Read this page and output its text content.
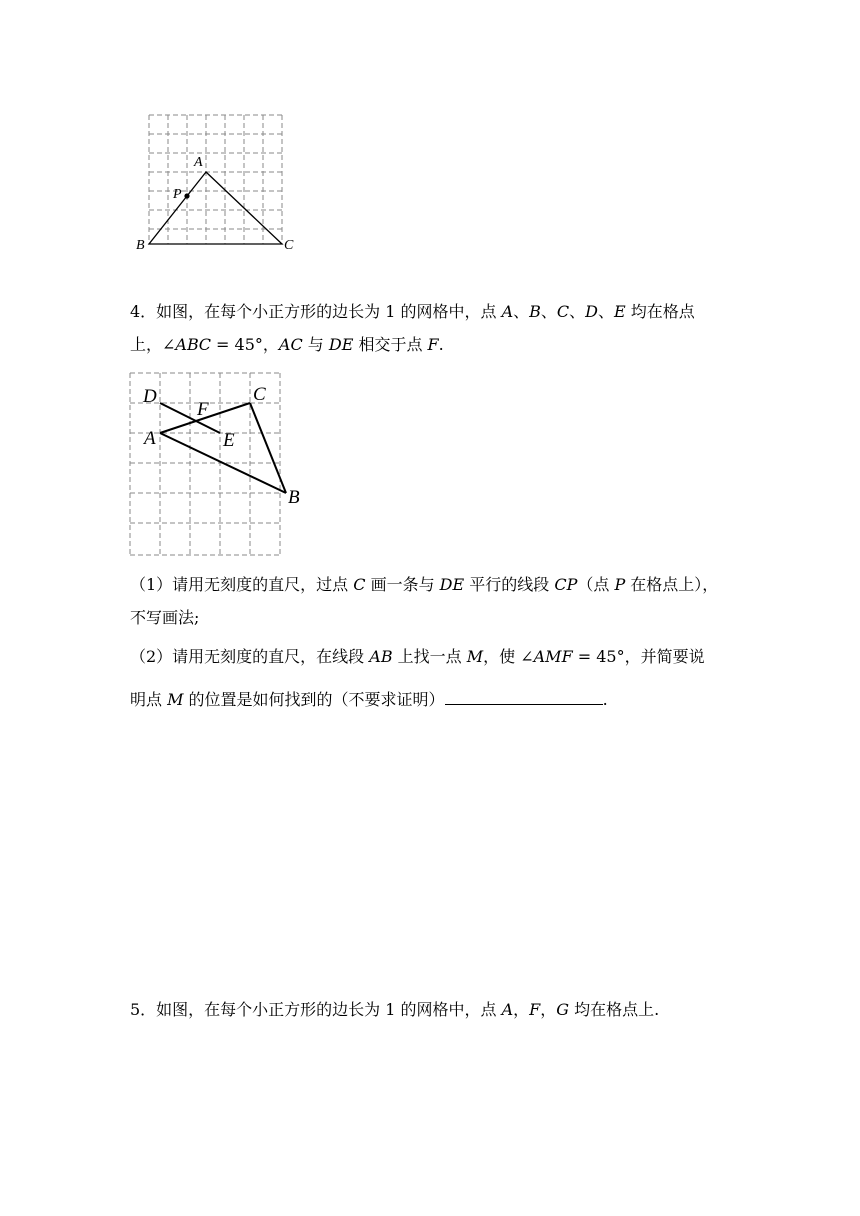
A
P
B	C
4．如图，在每个小正方形的边长为 1 的网格中，点 𝐴、𝐵、𝐶、𝐷、𝐸 均在格点
上，∠𝐴𝐵𝐶 = 45°，𝐴𝐶 与 𝐷𝐸 相交于点 𝐹.
D
F
C
A	E
B
（1）请用无刻度的直尺，过点 𝐶 画一条与 𝐷𝐸 平行的线段 𝐶𝑃（点 𝑃 在格点上），
不写画法;
（2）请用无刻度的直尺，在线段 𝐴𝐵 上找一点 𝑀，使 ∠𝐴𝑀𝐹 = 45°，并简要说
明点 𝑀 的位置是如何找到的（不要求证明）	.
5．如图，在每个小正方形的边长为 1 的网格中，点 𝐴，𝐹，𝐺 均在格点上.
